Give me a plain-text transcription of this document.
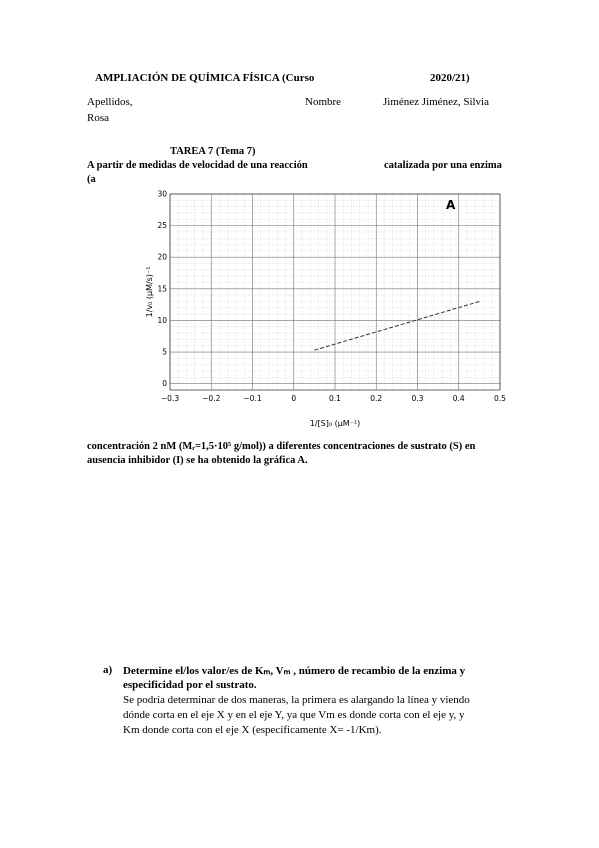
AMPLIACIÓN DE QUÍMICA FÍSICA (Curso	2020/21)
Apellidos,	Nombre	Jiménez Jiménez, Silvia
Rosa
TAREA 7 (Tema 7)
A partir de medidas de velocidad de una reacción	catalizada por una enzima
(a
−0.3	−0.2	−0.1	0	0.1	0.2	0.3	0.4	0.5
0
5
10
15
20
25
30
A
1/[S]₀ (μM⁻¹)
1/v₀ (μM/s)⁻¹
concentración 2 nM (Mᵣ=1,5·10⁵ g/mol)) a diferentes concentraciones de sustrato (S) en
ausencia inhibidor (I) se ha obtenido la gráfica A.
a) Determine el/los valor/es de Kₘ, Vₘ , número de recambio de la enzima y
especificidad por el sustrato.
Se podría determinar de dos maneras, la primera es alargando la línea y viendo
dónde corta en el eje X y en el eje Y, ya que Vm es donde corta con el eje y, y
Km donde corta con el eje X (específicamente X= -1/Km).
